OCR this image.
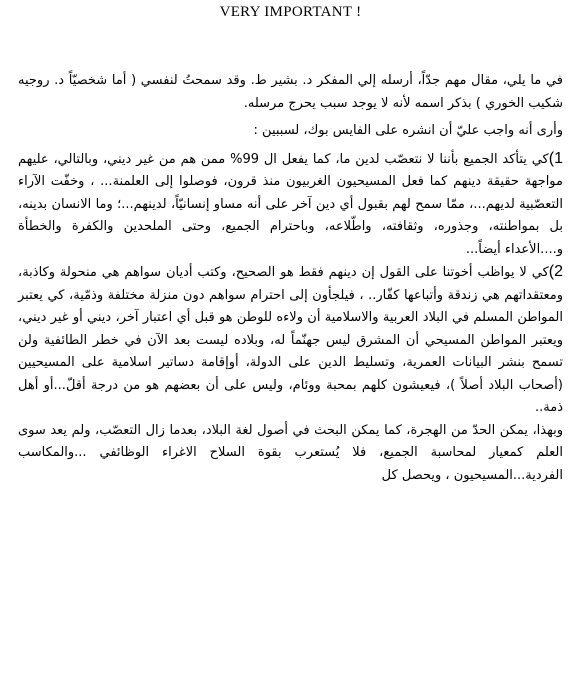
VERY IMPORTANT !

في ما يلي، مقال مهم جدّاً، أرسله إلي المفكر د. بشير ط. وقد سمحتُ لنفسي ( أما شخصيّاً د. روجيه شكيب الخوري ) بذكر اسمه لأنه لا يوجد سبب يحرج مرسله.

وأرى أنه واجب عليّ أن انشره على الفايس بوك، لسببين :

1)كي يتأكد الجميع بأننا لا نتعصّب لدين ما، كما يفعل ال 99% ممن هم من غير ديني، وبالتالي، عليهم مواجهة حقيقة دينهم كما فعل المسيحيون الغربيون منذ قرون، فوصلوا إلى العلمنة... ، وخفّت الآراء التعصّبية لديهم...، ممّا سمح لهم بقبول أي دين آخر على أنه مساو إنسانيّاً، لدينهم...؛ وما الانسان بدينه، بل بمواطنته، وجذوره، وثقافته، واطّلاعه، وباحترام الجميع، وحتى الملحدين والكفرة والخطأة و....الأعداء أيضاً...

2)كي لا يواظب أخوتنا على القول إن دينهم فقط هو الصحيح، وكتب أديان سواهم هي منحولة وكاذبة، ومعتقداتهم هي زندقة وأتباعها كفّار.. ، فيلجأون إلى احترام سواهم دون منزلة مختلفة وذمّية، كي يعتبر المواطن المسلم في البلاد العربية والاسلامية أن ولاءه للوطن هو قبل أي اعتبار آخر، ديني أو غير ديني، ويعتبر المواطن المسيحي أن المشرق ليس جهنّماً له، وبلاده ليست بعد الآن في خطر الطائفية ولن تسمح بنشر البيانات العمرية، وتسليط الدين على الدولة، أوإقامة دساتير اسلامية على المسيحيين (أصحاب البلاد أصلاً )، فيعيشون كلهم بمحبة ووئام، وليس على أن بعضهم هو من درجة أقلّ...أو أهل ذمة..

وبهذا، يمكن الحدّ من الهجرة، كما يمكن البحث في أصول لغة البلاد، بعدما زال التعصّب، ولم يعد سوى العلم كمعيار لمحاسبة الجميع، فلا يُستعرب بقوة السلاح الاغراء الوظائفي ...والمكاسب الفردية...المسيحيون ، ويحصل كل
